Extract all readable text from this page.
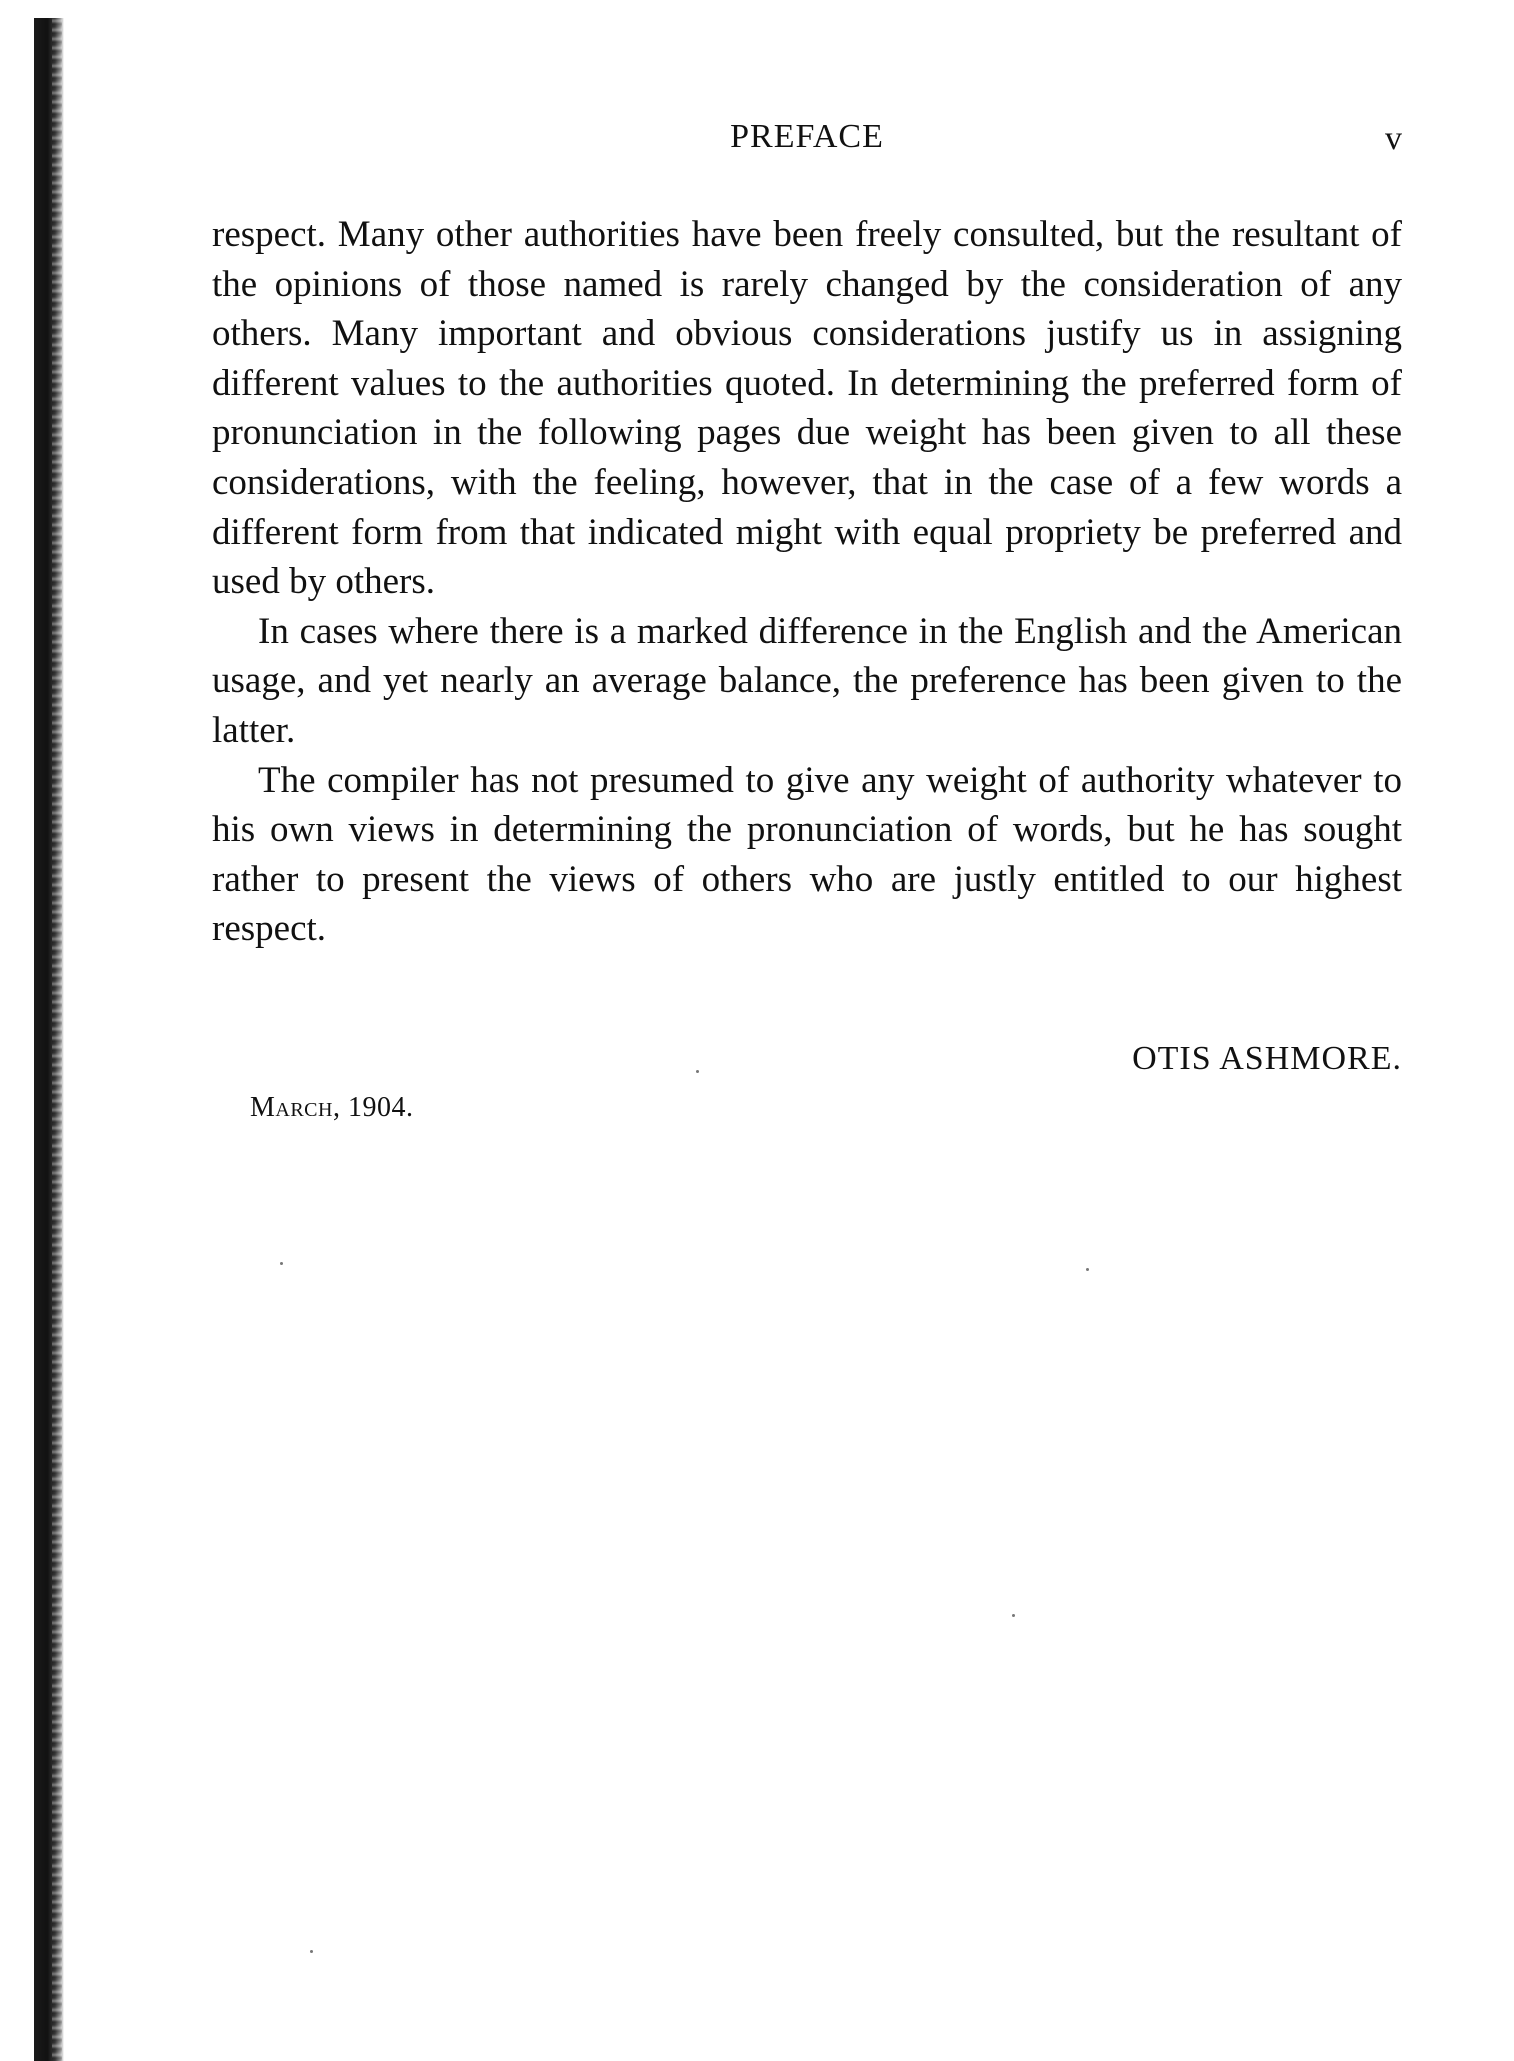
PREFACE	v

respect. Many other authorities have been freely consulted, but the resultant of the opinions of those named is rarely changed by the consideration of any others. Many important and obvious considerations justify us in assigning different values to the authorities quoted. In determining the preferred form of pronunciation in the following pages due weight has been given to all these considerations, with the feeling, however, that in the case of a few words a different form from that indicated might with equal propriety be preferred and used by others.

In cases where there is a marked difference in the English and the American usage, and yet nearly an average balance, the preference has been given to the latter.

The compiler has not presumed to give any weight of authority whatever to his own views in determining the pronunciation of words, but he has sought rather to present the views of others who are justly entitled to our highest respect.

OTIS ASHMORE.
March, 1904.
